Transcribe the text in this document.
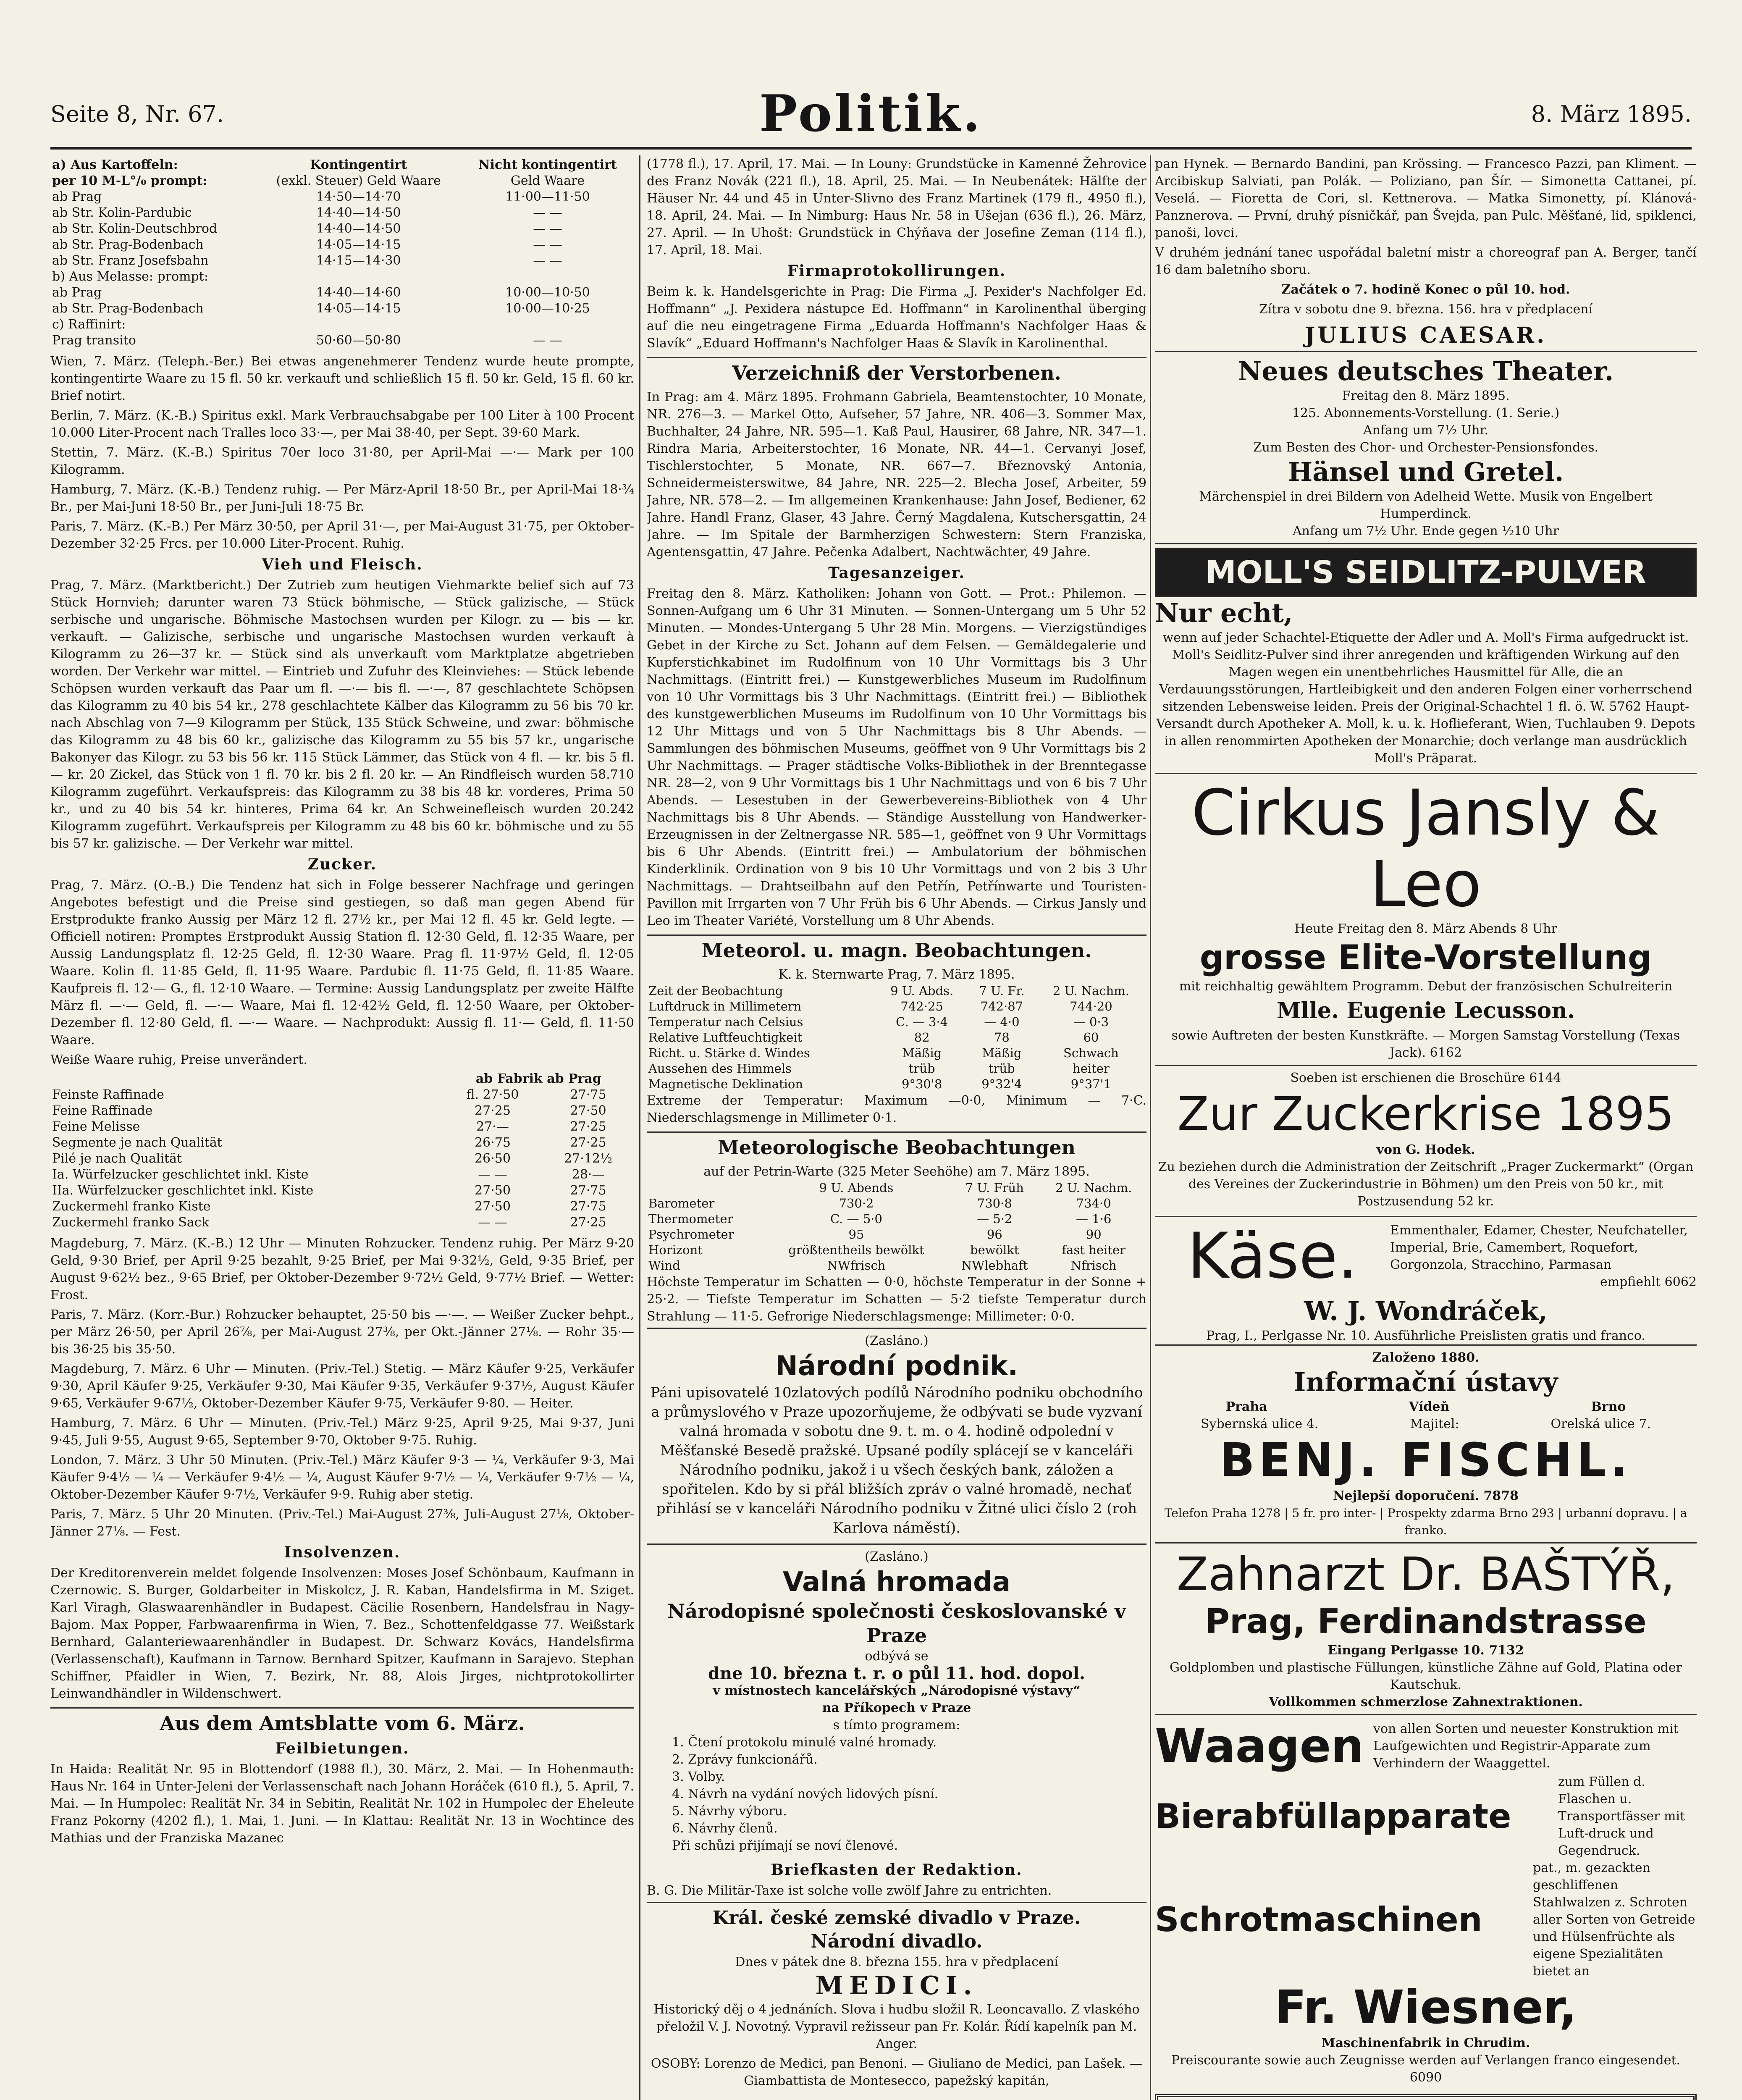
Seite 8, Nr. 67.	Politik.	8. März 1895.
a) Aus Kartoffeln:	Kontingentirt	Nicht kontingentirt
per 10 M-L°/₀ prompt:	(exkl. Steuer) Geld Waare	Geld Waare
ab Prag	14·50—14·70	11·00—11·50
ab Str. Kolin-Pardubic	14·40—14·50	— —
ab Str. Kolin-Deutschbrod	14·40—14·50	— —
ab Str. Prag-Bodenbach	14·05—14·15	— —
ab Str. Franz Josefsbahn	14·15—14·30	— —
b) Aus Melasse: prompt:		
ab Prag	14·40—14·60	10·00—10·50
ab Str. Prag-Bodenbach	14·05—14·15	10·00—10·25
c) Raffinirt:		
Prag transito	50·60—50·80	— —

Wien, 7. März. (Teleph.-Ber.) Bei etwas angenehmerer Tendenz wurde heute prompte, kontingentirte Waare zu 15 fl. 50 kr. verkauft und schließlich 15 fl. 50 kr. Geld, 15 fl. 60 kr. Brief notirt.

Berlin, 7. März. (K.-B.) Spiritus exkl. Mark Verbrauchsabgabe per 100 Liter à 100 Procent 10.000 Liter-Procent nach Tralles loco 33·—, per Mai 38·40, per Sept. 39·60 Mark.

Stettin, 7. März. (K.-B.) Spiritus 70er loco 31·80, per April-Mai —·— Mark per 100 Kilogramm.

Hamburg, 7. März. (K.-B.) Tendenz ruhig. — Per März-April 18·50 Br., per April-Mai 18·¾ Br., per Mai-Juni 18·50 Br., per Juni-Juli 18·75 Br.

Paris, 7. März. (K.-B.) Per März 30·50, per April 31·—, per Mai-August 31·75, per Oktober-Dezember 32·25 Frcs. per 10.000 Liter-Procent. Ruhig.

Vieh und Fleisch.

Prag, 7. März. (Marktbericht.) Der Zutrieb zum heutigen Viehmarkte belief sich auf 73 Stück Hornvieh; darunter waren 73 Stück böhmische, — Stück galizische, — Stück serbische und ungarische. Böhmische Mastochsen wurden per Kilogr. zu — bis — kr. verkauft. — Galizische, serbische und ungarische Mastochsen wurden verkauft à Kilogramm zu 26—37 kr. — Stück sind als unverkauft vom Marktplatze abgetrieben worden. Der Verkehr war mittel. — Eintrieb und Zufuhr des Kleinviehes: — Stück lebende Schöpsen wurden verkauft das Paar um fl. —·— bis fl. —·—, 87 geschlachtete Schöpsen das Kilogramm zu 40 bis 54 kr., 278 geschlachtete Kälber das Kilogramm zu 56 bis 70 kr. nach Abschlag von 7—9 Kilogramm per Stück, 135 Stück Schweine, und zwar: böhmische das Kilogramm zu 48 bis 60 kr., galizische das Kilogramm zu 55 bis 57 kr., ungarische Bakonyer das Kilogr. zu 53 bis 56 kr. 115 Stück Lämmer, das Stück von 4 fl. — kr. bis 5 fl. — kr. 20 Zickel, das Stück von 1 fl. 70 kr. bis 2 fl. 20 kr. — An Rindfleisch wurden 58.710 Kilogramm zugeführt. Verkaufspreis: das Kilogramm zu 38 bis 48 kr. vorderes, Prima 50 kr., und zu 40 bis 54 kr. hinteres, Prima 64 kr. An Schweinefleisch wurden 20.242 Kilogramm zugeführt. Verkaufspreis per Kilogramm zu 48 bis 60 kr. böhmische und zu 55 bis 57 kr. galizische. — Der Verkehr war mittel.

Zucker.

Prag, 7. März. (O.-B.) Die Tendenz hat sich in Folge besserer Nachfrage und geringen Angebotes befestigt und die Preise sind gestiegen, so daß man gegen Abend für Erstprodukte franko Aussig per März 12 fl. 27½ kr., per Mai 12 fl. 45 kr. Geld legte. — Officiell notiren: Promptes Erstprodukt Aussig Station fl. 12·30 Geld, fl. 12·35 Waare, per Aussig Landungsplatz fl. 12·25 Geld, fl. 12·30 Waare. Prag fl. 11·97½ Geld, fl. 12·05 Waare. Kolin fl. 11·85 Geld, fl. 11·95 Waare. Pardubic fl. 11·75 Geld, fl. 11·85 Waare. Kaufpreis fl. 12·— G., fl. 12·10 Waare. — Termine: Aussig Landungsplatz per zweite Hälfte März fl. —·— Geld, fl. —·— Waare, Mai fl. 12·42½ Geld, fl. 12·50 Waare, per Oktober-Dezember fl. 12·80 Geld, fl. —·— Waare. — Nachprodukt: Aussig fl. 11·— Geld, fl. 11·50 Waare.

Weiße Waare ruhig, Preise unverändert.

	ab Fabrik ab Prag	
Feinste Raffinade	fl. 27·50	27·75
Feine Raffinade	27·25	27·50
Feine Melisse	27·—	27·25
Segmente je nach Qualität	26·75	27·25
Pilé je nach Qualität	26·50	27·12½
Ia. Würfelzucker geschlichtet inkl. Kiste	— —	28·—
IIa. Würfelzucker geschlichtet inkl. Kiste	27·50	27·75
Zuckermehl franko Kiste	27·50	27·75
Zuckermehl franko Sack	— —	27·25

Magdeburg, 7. März. (K.-B.) 12 Uhr — Minuten Rohzucker. Tendenz ruhig. Per März 9·20 Geld, 9·30 Brief, per April 9·25 bezahlt, 9·25 Brief, per Mai 9·32½, Geld, 9·35 Brief, per August 9·62½ bez., 9·65 Brief, per Oktober-Dezember 9·72½ Geld, 9·77½ Brief. — Wetter: Frost.

Paris, 7. März. (Korr.-Bur.) Rohzucker behauptet, 25·50 bis —·—. — Weißer Zucker behpt., per März 26·50, per April 26⅞, per Mai-August 27⅜, per Okt.-Jänner 27⅛. — Rohr 35·— bis 36·25 bis 35·50.

Magdeburg, 7. März. 6 Uhr — Minuten. (Priv.-Tel.) Stetig. — März Käufer 9·25, Verkäufer 9·30, April Käufer 9·25, Verkäufer 9·30, Mai Käufer 9·35, Verkäufer 9·37½, August Käufer 9·65, Verkäufer 9·67½, Oktober-Dezember Käufer 9·75, Verkäufer 9·80. — Heiter.

Hamburg, 7. März. 6 Uhr — Minuten. (Priv.-Tel.) März 9·25, April 9·25, Mai 9·37, Juni 9·45, Juli 9·55, August 9·65, September 9·70, Oktober 9·75. Ruhig.

London, 7. März. 3 Uhr 50 Minuten. (Priv.-Tel.) März Käufer 9·3 — ¼, Verkäufer 9·3, Mai Käufer 9·4½ — ¼ — Verkäufer 9·4½ — ¼, August Käufer 9·7½ — ¼, Verkäufer 9·7½ — ¼, Oktober-Dezember Käufer 9·7½, Verkäufer 9·9. Ruhig aber stetig.

Paris, 7. März. 5 Uhr 20 Minuten. (Priv.-Tel.) Mai-August 27⅜, Juli-August 27⅛, Oktober-Jänner 27⅛. — Fest.

Insolvenzen.

Der Kreditorenverein meldet folgende Insolvenzen: Moses Josef Schönbaum, Kaufmann in Czernowic. S. Burger, Goldarbeiter in Miskolcz, J. R. Kaban, Handelsfirma in M. Sziget. Karl Viragh, Glaswaarenhändler in Budapest. Cäcilie Rosenbern, Handelsfrau in Nagy-Bajom. Max Popper, Farbwaarenfirma in Wien, 7. Bez., Schottenfeldgasse 77. Weißstark Bernhard, Galanteriewaarenhändler in Budapest. Dr. Schwarz Kovács, Handelsfirma (Verlassenschaft), Kaufmann in Tarnow. Bernhard Spitzer, Kaufmann in Sarajevo. Stephan Schiffner, Pfaidler in Wien, 7. Bezirk, Nr. 88, Alois Jirges, nichtprotokollirter Leinwandhändler in Wildenschwert.

Aus dem Amtsblatte vom 6. März.
Feilbietungen.

In Haida: Realität Nr. 95 in Blottendorf (1988 fl.), 30. März, 2. Mai. — In Hohenmauth: Haus Nr. 164 in Unter-Jeleni der Verlassenschaft nach Johann Horáček (610 fl.), 5. April, 7. Mai. — In Humpolec: Realität Nr. 34 in Sebitin, Realität Nr. 102 in Humpolec der Eheleute Franz Pokorny (4202 fl.), 1. Mai, 1. Juni. — In Klattau: Realität Nr. 13 in Wochtince des Mathias und der Franziska Mazanec

(1778 fl.), 17. April, 17. Mai. — In Louny: Grundstücke in Kamenné Žehrovice des Franz Novák (221 fl.), 18. April, 25. Mai. — In Neubenátek: Hälfte der Häuser Nr. 44 und 45 in Unter-Slivno des Franz Martinek (179 fl., 4950 fl.), 18. April, 24. Mai. — In Nimburg: Haus Nr. 58 in Ušejan (636 fl.), 26. März, 27. April. — In Uhošt: Grundstück in Chýňava der Josefine Zeman (114 fl.), 17. April, 18. Mai.

Firmaprotokollirungen.

Beim k. k. Handelsgerichte in Prag: Die Firma „J. Pexider's Nachfolger Ed. Hoffmann“ „J. Pexidera nástupce Ed. Hoffmann“ in Karolinenthal überging auf die neu eingetragene Firma „Eduarda Hoffmann's Nachfolger Haas & Slavík“ „Eduard Hoffmann's Nachfolger Haas & Slavík in Karolinenthal.

Verzeichniß der Verstorbenen.

In Prag: am 4. März 1895. Frohmann Gabriela, Beamtenstochter, 10 Monate, NR. 276—3. — Markel Otto, Aufseher, 57 Jahre, NR. 406—3. Sommer Max, Buchhalter, 24 Jahre, NR. 595—1. Kaß Paul, Hausirer, 68 Jahre, NR. 347—1. Rindra Maria, Arbeiterstochter, 16 Monate, NR. 44—1. Cervanyi Josef, Tischlerstochter, 5 Monate, NR. 667—7. Březnovský Antonia, Schneidermeisterswitwe, 84 Jahre, NR. 225—2. Blecha Josef, Arbeiter, 59 Jahre, NR. 578—2. — Im allgemeinen Krankenhause: Jahn Josef, Bediener, 62 Jahre. Handl Franz, Glaser, 43 Jahre. Černý Magdalena, Kutschersgattin, 24 Jahre. — Im Spitale der Barmherzigen Schwestern: Stern Franziska, Agentensgattin, 47 Jahre. Pečenka Adalbert, Nachtwächter, 49 Jahre.

Tagesanzeiger.

Freitag den 8. März. Katholiken: Johann von Gott. — Prot.: Philemon. — Sonnen-Aufgang um 6 Uhr 31 Minuten. — Sonnen-Untergang um 5 Uhr 52 Minuten. — Mondes-Untergang 5 Uhr 28 Min. Morgens. — Vierzigstündiges Gebet in der Kirche zu Sct. Johann auf dem Felsen. — Gemäldegalerie und Kupferstichkabinet im Rudolfinum von 10 Uhr Vormittags bis 3 Uhr Nachmittags. (Eintritt frei.) — Kunstgewerbliches Museum im Rudolfinum von 10 Uhr Vormittags bis 3 Uhr Nachmittags. (Eintritt frei.) — Bibliothek des kunstgewerblichen Museums im Rudolfinum von 10 Uhr Vormittags bis 12 Uhr Mittags und von 5 Uhr Nachmittags bis 8 Uhr Abends. — Sammlungen des böhmischen Museums, geöffnet von 9 Uhr Vormittags bis 2 Uhr Nachmittags. — Prager städtische Volks-Bibliothek in der Brenntegasse NR. 28—2, von 9 Uhr Vormittags bis 1 Uhr Nachmittags und von 6 bis 7 Uhr Abends. — Lesestuben in der Gewerbevereins-Bibliothek von 4 Uhr Nachmittags bis 8 Uhr Abends. — Ständige Ausstellung von Handwerker-Erzeugnissen in der Zeltnergasse NR. 585—1, geöffnet von 9 Uhr Vormittags bis 6 Uhr Abends. (Eintritt frei.) — Ambulatorium der böhmischen Kinderklinik. Ordination von 9 bis 10 Uhr Vormittags und von 2 bis 3 Uhr Nachmittags. — Drahtseilbahn auf den Petřín, Petřínwarte und Touristen-Pavillon mit Irrgarten von 7 Uhr Früh bis 6 Uhr Abends. — Cirkus Jansly und Leo im Theater Variété, Vorstellung um 8 Uhr Abends.

Meteorol. u. magn. Beobachtungen.
K. k. Sternwarte Prag, 7. März 1895.
Zeit der Beobachtung	9 U. Abds.	7 U. Fr.	2 U. Nachm.
Luftdruck in Millimetern	742·25	742·87	744·20
Temperatur nach Celsius	C. — 3·4	— 4·0	— 0·3
Relative Luftfeuchtigkeit	82	78	60
Richt. u. Stärke d. Windes	Mäßig	Mäßig	Schwach
Aussehen des Himmels	trüb	trüb	heiter
Magnetische Deklination	9°30'8	9°32'4	9°37'1

Extreme der Temperatur: Maximum —0·0, Minimum — 7·C. Niederschlagsmenge in Millimeter 0·1.

Meteorologische Beobachtungen
auf der Petrin-Warte (325 Meter Seehöhe) am 7. März 1895.
	9 U. Abends	7 U. Früh	2 U. Nachm.
Barometer	730·2	730·8	734·0
Thermometer	C. — 5·0	— 5·2	— 1·6
Psychrometer	95	96	90
Horizont	größtentheils bewölkt	bewölkt	fast heiter
Wind	NWfrisch	NWlebhaft	Nfrisch

Höchste Temperatur im Schatten — 0·0, höchste Temperatur in der Sonne + 25·2. — Tiefste Temperatur im Schatten — 5·2 tiefste Temperatur durch Strahlung — 11·5. Gefrorige Niederschlagsmenge: Millimeter: 0·0.

(Zasláno.)
Národní podnik.

Páni upisovatelé 10zlatových podílů Národního podniku obchodního a průmyslového v Praze upozorňujeme, že odbývati se bude vyzvaní valná hromada v sobotu dne 9. t. m. o 4. hodině odpolední v Měšťanské Besedě pražské. Upsané podíly splácejí se v kanceláři Národního podniku, jakož i u všech českých bank, záložen a spořitelen. Kdo by si přál bližších zpráv o valné hromadě, nechať přihlásí se v kanceláři Národního podniku v Žitné ulici číslo 2 (roh Karlova náměstí).

(Zasláno.)
Valná hromada
Národopisné společnosti českoslovanské v Praze
odbývá se
dne 10. března t. r. o půl 11. hod. dopol.
v místnostech kancelářských „Národopisné výstavy“
na Příkopech v Praze
s tímto programem:
1. Čtení protokolu minulé valné hromady.
2. Zprávy funkcionářů.
3. Volby.
4. Návrh na vydání nových lidových písní.
5. Návrhy výboru.
6. Návrhy členů.
Při schůzi přijímají se noví členové.
Briefkasten der Redaktion.

B. G. Die Militär-Taxe ist solche volle zwölf Jahre zu entrichten.

Král. české zemské divadlo v Praze.
Národní divadlo.
Dnes v pátek dne 8. března 155. hra v předplacení
MEDICI.

Historický děj o 4 jednáních. Slova i hudbu složil R. Leoncavallo. Z vlaského přeložil V. J. Novotný. Vypravil režisseur pan Fr. Kolár. Řídí kapelník pan M. Anger.

OSOBY: Lorenzo de Medici, pan Benoni. — Giuliano de Medici, pan Lašek. — Giambattista de Montesecco, papežský kapitán,

pan Hynek. — Bernardo Bandini, pan Krössing. — Francesco Pazzi, pan Kliment. — Arcibiskup Salviati, pan Polák. — Poliziano, pan Šír. — Simonetta Cattanei, pí. Veselá. — Fioretta de Cori, sl. Kettnerova. — Matka Simonetty, pí. Klánová-Panznerova. — První, druhý písničkář, pan Švejda, pan Pulc. Měšťané, lid, spiklenci, panoši, lovci.

V druhém jednání tanec uspořádal baletní mistr a choreograf pan A. Berger, tančí 16 dam baletního sboru.

Začátek o 7. hodině Konec o půl 10. hod.

Zítra v sobotu dne 9. března. 156. hra v předplacení

JULIUS CAESAR.
Neues deutsches Theater.
Freitag den 8. März 1895.
125. Abonnements-Vorstellung. (1. Serie.)
Anfang um 7½ Uhr.
Zum Besten des Chor- und Orchester-Pensionsfondes.
Hänsel und Gretel.
Märchenspiel in drei Bildern von Adelheid Wette. Musik von Engelbert Humperdinck.
Anfang um 7½ Uhr. Ende gegen ½10 Uhr
MOLL'S SEIDLITZ-PULVER
Nur echt,

wenn auf jeder Schachtel-Etiquette der Adler und A. Moll's Firma aufgedruckt ist. Moll's Seidlitz-Pulver sind ihrer anregenden und kräftigenden Wirkung auf den Magen wegen ein unentbehrliches Hausmittel für Alle, die an Verdauungsstörungen, Hartleibigkeit und den anderen Folgen einer vorherrschend sitzenden Lebensweise leiden. Preis der Original-Schachtel 1 fl. ö. W. 5762 Haupt-Versandt durch Apotheker A. Moll, k. u. k. Hoflieferant, Wien, Tuchlauben 9. Depots in allen renommirten Apotheken der Monarchie; doch verlange man ausdrücklich Moll's Präparat.

Cirkus Jansly & Leo
Heute Freitag den 8. März Abends 8 Uhr
grosse Elite-Vorstellung
mit reichhaltig gewähltem Programm. Debut der französischen Schulreiterin
Mlle. Eugenie Lecusson.
sowie Auftreten der besten Kunstkräfte. — Morgen Samstag Vorstellung (Texas Jack). 6162
Soeben ist erschienen die Broschüre 6144
Zur Zuckerkrise 1895
von G. Hodek.

Zu beziehen durch die Administration der Zeitschrift „Prager Zuckermarkt“ (Organ des Vereines der Zuckerindustrie in Böhmen) um den Preis von 50 kr., mit Postzusendung 52 kr.

Käse.	Emmenthaler, Edamer, Chester, Neufchateller, Imperial, Brie, Camembert, Roquefort, Gorgonzola, Stracchino, Parmasan
empfiehlt 6062
W. J. Wondráček,
Prag, I., Perlgasse Nr. 10. Ausführliche Preislisten gratis und franco.
Založeno 1880.
Informační ústavy
Praha	Vídeň	Brno
Sybernská ulice 4.	Majitel:	Orelská ulice 7.
BENJ. FISCHL.
Nejlepší doporučení. 7878
Telefon Praha 1278 | 5 fr. pro inter- | Prospekty zdarma Brno 293 | urbanní dopravu. | a franko.
Zahnarzt Dr. BAŠTÝŘ,
Prag, Ferdinandstrasse
Eingang Perlgasse 10. 7132
Goldplomben und plastische Füllungen, künstliche Zähne auf Gold, Platina oder Kautschuk.
Vollkommen schmerzlose Zahnextraktionen.
Waagen von allen Sorten und neuester Konstruktion mit Laufgewichten und Registrir-Apparate zum Verhindern der Waaggettel.
Bierabfüllapparate
zum Füllen d. Flaschen u. Transportfässer mit Luft-druck und Gegendruck.
Schrotmaschinen
pat., m. gezackten geschliffenen Stahlwalzen z. Schroten aller Sorten von Getreide und Hülsenfrüchte als eigene Spezialitäten bietet an
Fr. Wiesner,
Maschinenfabrik in Chrudim.
Preiscourante sowie auch Zeugnisse werden auf Verlangen franco eingesendet. 6090
